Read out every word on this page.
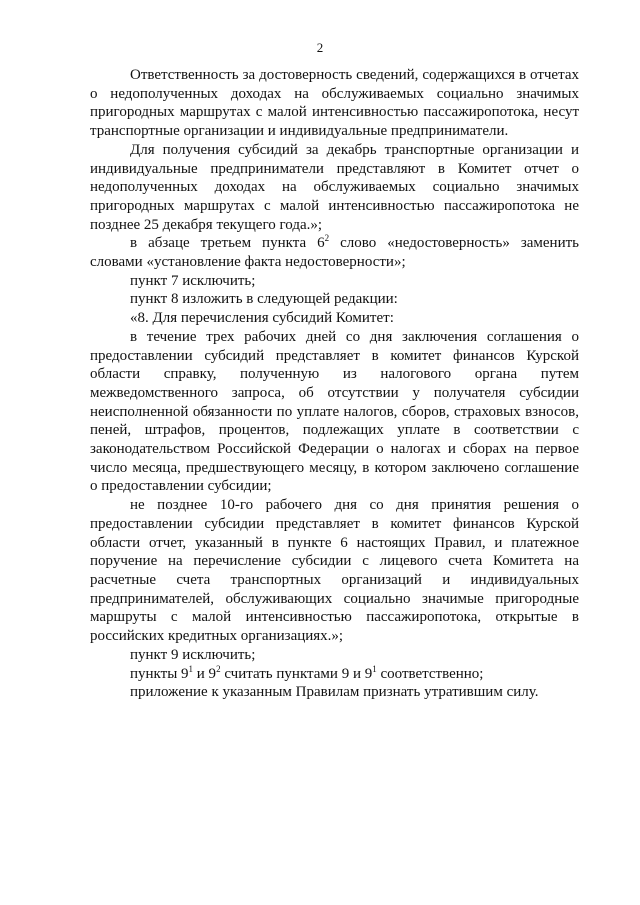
2

Ответственность за достоверность сведений, содержащихся в отчетах о недополученных доходах на обслуживаемых социально значимых пригородных маршрутах с малой интенсивностью пассажиропотока, несут транспортные организации и индивидуальные предприниматели.

Для получения субсидий за декабрь транспортные организации и индивидуальные предприниматели представляют в Комитет отчет о недополученных доходах на обслуживаемых социально значимых пригородных маршрутах с малой интенсивностью пассажиропотока не позднее 25 декабря текущего года.»;

в абзаце третьем пункта $6^2$ слово «недостоверность» заменить словами «установление факта недостоверности»;

пункт 7 исключить;

пункт 8 изложить в следующей редакции:

«8. Для перечисления субсидий Комитет:

в течение трех рабочих дней со дня заключения соглашения о предоставлении субсидий представляет в комитет финансов Курской области справку, полученную из налогового органа путем межведомственного запроса, об отсутствии у получателя субсидии неисполненной обязанности по уплате налогов, сборов, страховых взносов, пеней, штрафов, процентов, подлежащих уплате в соответствии с законодательством Российской Федерации о налогах и сборах на первое число месяца, предшествующего месяцу, в котором заключено соглашение о предоставлении субсидии;

не позднее 10-го рабочего дня со дня принятия решения о предоставлении субсидии представляет в комитет финансов Курской области отчет, указанный в пункте 6 настоящих Правил, и платежное поручение на перечисление субсидии с лицевого счета Комитета на расчетные счета транспортных организаций и индивидуальных предпринимателей, обслуживающих социально значимые пригородные маршруты с малой интенсивностью пассажиропотока, открытые в российских кредитных организациях.»;

пункт 9 исключить;

пункты $9^1$ и $9^2$ считать пунктами 9 и $9^1$ соответственно;

приложение к указанным Правилам признать утратившим силу.
